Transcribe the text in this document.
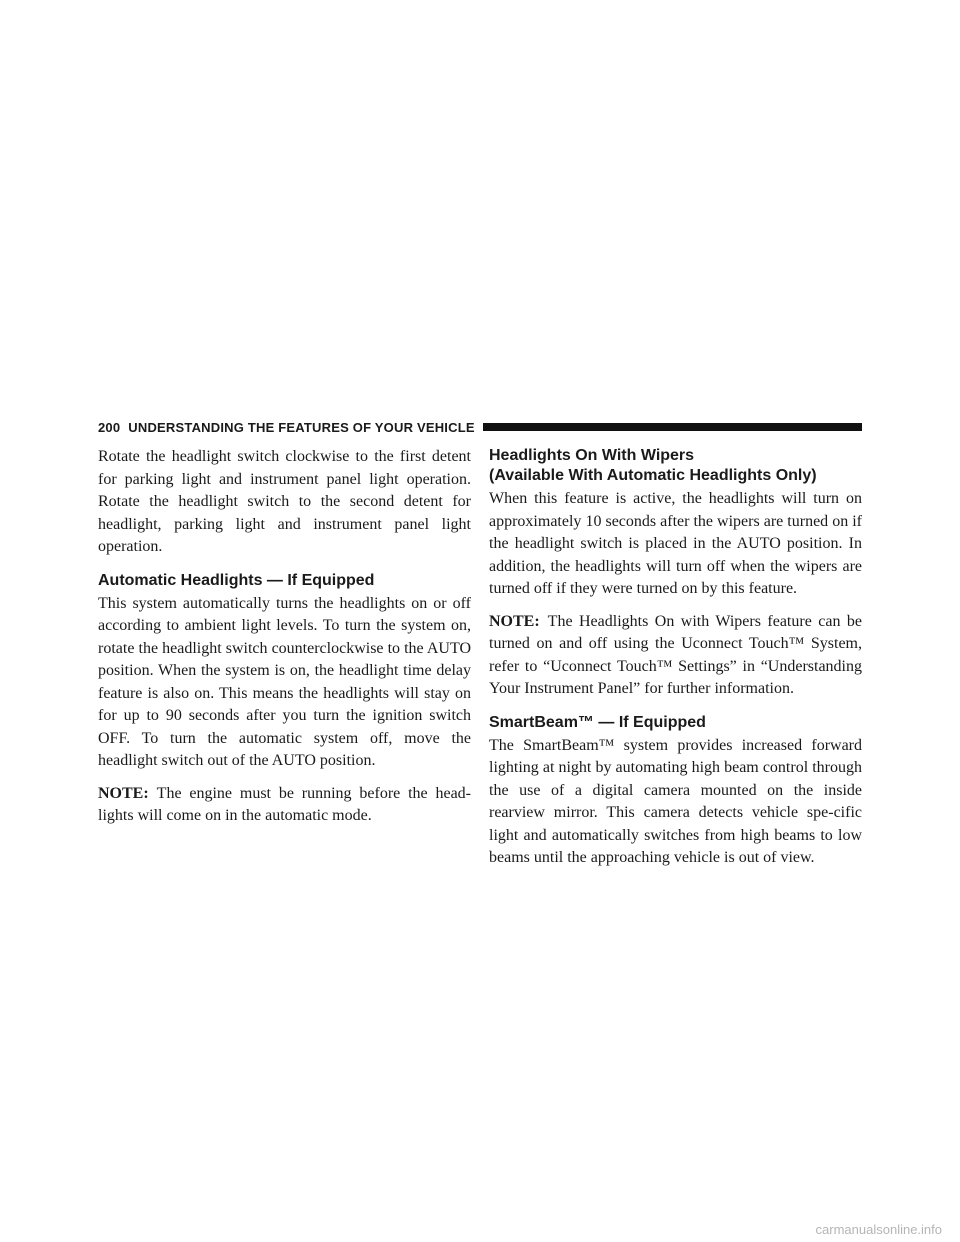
200 UNDERSTANDING THE FEATURES OF YOUR VEHICLE

Rotate the headlight switch clockwise to the first detent for parking light and instrument panel light operation. Rotate the headlight switch to the second detent for headlight, parking light and instrument panel light operation.

Automatic Headlights — If Equipped

This system automatically turns the headlights on or off according to ambient light levels. To turn the system on, rotate the headlight switch counterclockwise to the AUTO position. When the system is on, the headlight time delay feature is also on. This means the headlights will stay on for up to 90 seconds after you turn the ignition switch OFF. To turn the automatic system off, move the headlight switch out of the AUTO position.

NOTE: The engine must be running before the head-lights will come on in the automatic mode.

Headlights On With Wipers
(Available With Automatic Headlights Only)

When this feature is active, the headlights will turn on approximately 10 seconds after the wipers are turned on if the headlight switch is placed in the AUTO position. In addition, the headlights will turn off when the wipers are turned off if they were turned on by this feature.

NOTE: The Headlights On with Wipers feature can be turned on and off using the Uconnect Touch™ System, refer to “Uconnect Touch™ Settings” in “Understanding Your Instrument Panel” for further information.

SmartBeam™ — If Equipped

The SmartBeam™ system provides increased forward lighting at night by automating high beam control through the use of a digital camera mounted on the inside rearview mirror. This camera detects vehicle spe-cific light and automatically switches from high beams to low beams until the approaching vehicle is out of view.

carmanualsonline.info
